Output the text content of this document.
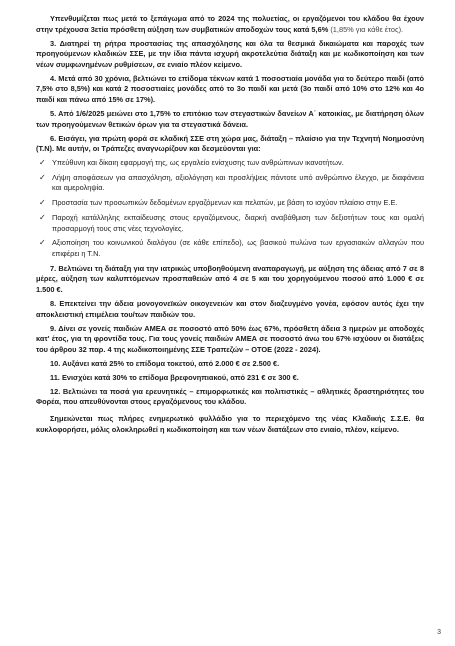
Υπενθυμίζεται πως μετά το ξεπάγωμα από το 2024 της πολυετίας, οι εργαζόμενοι του κλάδου θα έχουν στην τρέχουσα 3ετία πρόσθετη αύξηση των συμβατικών αποδοχών τους κατά 5,6% (1,85% για κάθε έτος).

3. Διατηρεί τη ρήτρα προστασίας της απασχόλησης και όλα τα θεσμικά δικαιώματα και παροχές των προηγούμενων κλαδικών ΣΣΕ, με την ίδια πάντα ισχυρή ακροτελεύτια διάταξη και με κωδικοποίηση και των νέων συμφωνημένων ρυθμίσεων, σε ενιαίο πλέον κείμενο.

4. Μετά από 30 χρόνια, βελτιώνει το επίδομα τέκνων κατά 1 ποσοστιαία μονάδα για το δεύτερο παιδί (από 7,5% στο 8,5%) και κατά 2 ποσοστιαίες μονάδες από το 3ο παιδί και μετά (3ο παιδί από 10% στο 12% και 4ο παιδί και πάνω από 15% σε 17%).

5. Από 1/6/2025 μειώνει στο 1,75% το επιτόκιο των στεγαστικών δανείων Α΄ κατοικίας, με διατήρηση όλων των προηγούμενων θετικών όρων για τα στεγαστικά δάνεια.

6. Εισάγει, για πρώτη φορά σε κλαδική ΣΣΕ στη χώρα μας, διάταξη – πλαίσιο για την Τεχνητή Νοημοσύνη (Τ.Ν). Με αυτήν, οι Τράπεζες αναγνωρίζουν και δεσμεύονται για:

✓ Υπεύθυνη και δίκαιη εφαρμογή της, ως εργαλείο ενίσχυσης των ανθρώπινων ικανοτήτων.
✓ Λήψη αποφάσεων για απασχόληση, αξιολόγηση και προσλήψεις πάντοτε υπό ανθρώπινο έλεγχο, με διαφάνεια και αμεροληψία.
✓ Προστασία των προσωπικών δεδομένων εργαζόμενων και πελατών, με βάση το ισχύον πλαίσιο στην Ε.Ε.
✓ Παροχή κατάλληλης εκπαίδευσης στους εργαζόμενους, διαρκή αναβάθμιση των δεξιοτήτων τους και ομαλή προσαρμογή τους στις νέες τεχνολογίες.
✓ Αξιοποίηση του κοινωνικού διαλόγου (σε κάθε επίπεδο), ως βασικού πυλώνα των εργασιακών αλλαγών που επιφέρει η Τ.Ν.

7. Βελτιώνει τη διάταξη για την ιατρικώς υποβοηθούμενη αναπαραγωγή, με αύξηση της άδειας από 7 σε 8 μέρες, αύξηση των καλυπτόμενων προσπαθειών από 4 σε 5 και του χορηγούμενου ποσού από 1.000 € σε 1.500 €.

8. Επεκτείνει την άδεια μονογονεϊκών οικογενειών και στον διαζευγμένο γονέα, εφόσον αυτός έχει την αποκλειστική επιμέλεια του/των παιδιών του.

9. Δίνει σε γονείς παιδιών ΑΜΕΑ σε ποσοστό από 50% έως 67%, πρόσθετη άδεια 3 ημερών με αποδοχές κατ' έτος, για τη φροντίδα τους. Για τους γονείς παιδιών ΑΜΕΑ σε ποσοστό άνω του 67% ισχύουν οι διατάξεις του άρθρου 32 παρ. 4 της κωδικοποιημένης ΣΣΕ Τραπεζών – ΟΤΟΕ (2022 - 2024).

10. Αυξάνει κατά 25% το επίδομα τοκετού, από 2.000 € σε 2.500 €.

11. Ενισχύει κατά 30% το επίδομα βρεφονηπιακού, από 231 € σε 300 €.

12. Βελτιώνει τα ποσά για ερευνητικές – επιμορφωτικές και πολιτιστικές – αθλητικές δραστηριότητες του Φορέα, που απευθύνονται στους εργαζόμενους του κλάδου.

Σημειώνεται πως πλήρες ενημερωτικό φυλλάδιο για το περιεχόμενο της νέας Κλαδικής Σ.Σ.Ε. θα κυκλοφορήσει, μόλις ολοκληρωθεί η κωδικοποίηση και των νέων διατάξεων στο ενιαίο, πλέον, κείμενο.

3
